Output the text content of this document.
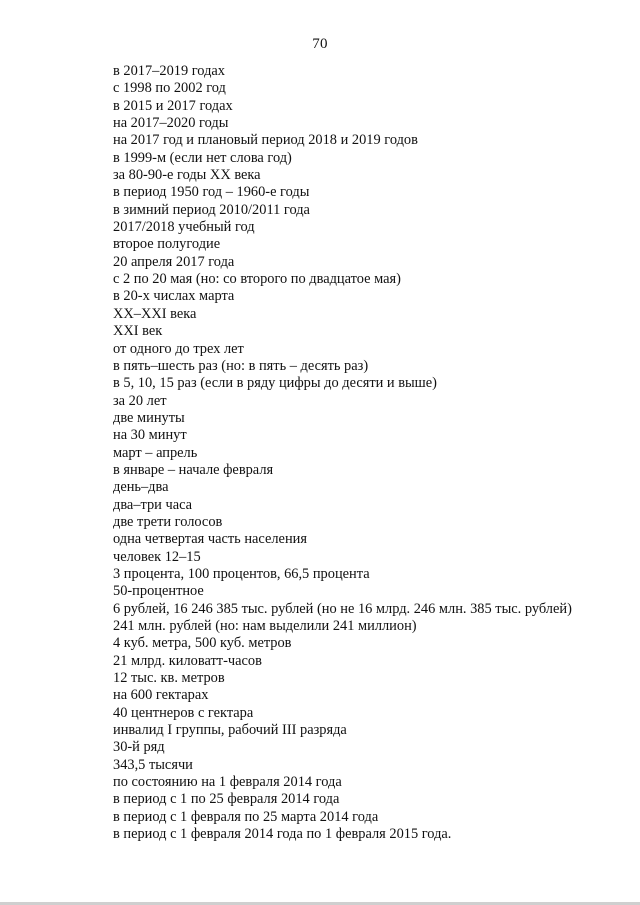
70
в 2017–2019 годах
с 1998 по 2002 год
в 2015 и 2017 годах
на 2017–2020 годы
на 2017 год и плановый период 2018 и 2019 годов
в 1999-м (если нет слова год)
за 80-90-е годы XX века
в период 1950 год – 1960-е годы
в зимний период 2010/2011 года
2017/2018 учебный год
второе полугодие
20 апреля 2017 года
с 2 по 20 мая (но: со второго по двадцатое мая)
в 20-х числах марта
XX–XXI века
XXI век
от одного до трех лет
в пять–шесть раз (но: в пять – десять раз)
в 5, 10, 15 раз (если в ряду цифры до десяти и выше)
за 20 лет
две минуты
на 30 минут
март – апрель
в январе – начале февраля
день–два
два–три часа
две трети голосов
одна четвертая часть населения
человек 12–15
3 процента, 100 процентов, 66,5 процента
50-процентное
6 рублей, 16 246 385 тыс. рублей (но не 16 млрд. 246 млн. 385 тыс. рублей)
241 млн. рублей (но: нам выделили 241 миллион)
4 куб. метра, 500 куб. метров
21 млрд. киловатт-часов
12 тыс. кв. метров
на 600 гектарах
40 центнеров с гектара
инвалид I группы, рабочий III разряда
30-й ряд
343,5 тысячи
по состоянию на 1 февраля 2014 года
в период с 1 по 25 февраля 2014 года
в период с 1 февраля по 25 марта 2014 года
в период с 1 февраля 2014 года по 1 февраля 2015 года.
